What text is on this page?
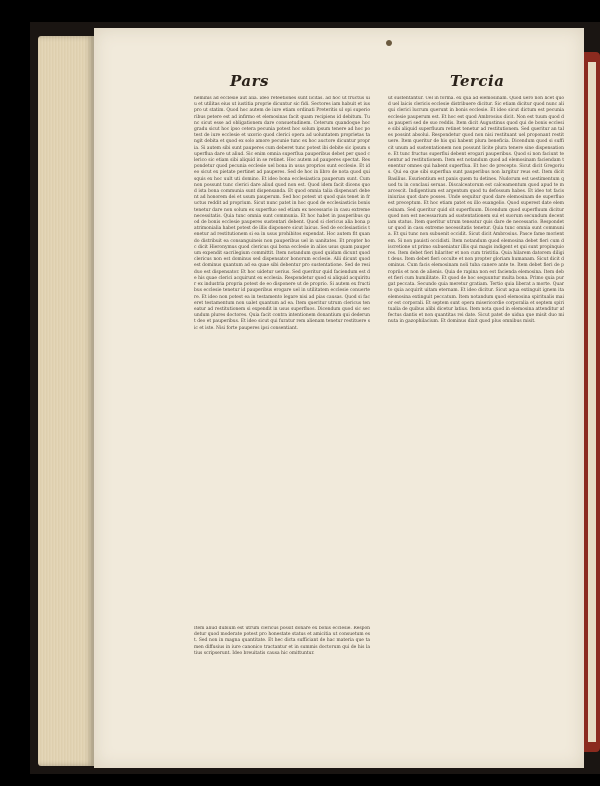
Pars	Tercia
neminis ad ecclesie aut alia. ideo reteetiones sunt licitas. ad hoc ut fructus uiu et utilitas eius ut iustitia proprie dicuntur sic fidi. Sectores iam habuit et ius pro ut statim. Quod hoc autem de iure etiam ordinati Preteritis ul opi superioribus petere est ad infirmo et elemosinas facit quam recipiens id debitum. Tunc sicut esse ad obligationem dare consuetudinem. Ceterum quandoque hoc gradu sicut hoc ipso cetera pecunia potest hoc solum ipsum tenere ad hoc potest de iure ecclesie et uxorio quod clerici opera ad uoluntatem proprietas tangit debita et quod ex solo amore pecunie tunc ex hoc auctore dicuntur propria. Si autem sibi sunt pauperes cum deberet tunc potest ibi debite sic ipsum superflua dare ut aliud. Sic enim omnia superflua pauperibus debet per quod clerico sic etiam sibi aliquid in se retinet. Hoc autem ad pauperes spectat. Respondetur quod pecunia ecclesie uel bona in usus proprios sunt ecclesie. Et ideo sicut ex pietate pertinet ad pauperes. Sed de hoc in libro de nota quod quisquis ex hoc uult uti domino. Et ideo bona ecclesiastica pauperum sunt. Cum non possunt tunc clerici dare aliud quod non est. Quod idem facit dicens quod ista bona communia sunt dispensanda. Et quod omnia talia dispensari debent ad honorem dei et usum pauperum. Sed hoc potest ut quod quis tenet in fructus reddit ad proprium. Sicut nunc patet in hoc quod de ecclesiasticis bonis tenetur dare non solum ex superfluo sed etiam ex necessario in casu extreme necessitatis. Quia tunc omnia sunt communia. Et hoc habet in pauperibus quod de bonis ecclesie pauperes sustentari debent. Quod si clericus alia bona patrimonialia habet potest de illis disponere sicut laicus. Sed de ecclesiasticis tenetur ad restitutionem si ea in usus prohibitos expendat. Hoc autem fit quando distribuit ea consanguineis non pauperibus uel in uanitates. Et propter hoc dicit Hieronymus quod clericus qui bona ecclesie in alios usus quam pauperum expendit sacrilegium committit. Item notandum quod quidam dicunt quod clericus non est dominus sed dispensator bonorum ecclesie. Alii dicunt quod est dominus quantum ad ea quae sibi debentur pro sustentatione. Sed de residuo est dispensator. Et hoc uidetur uerius. Sed queritur quid faciendum est de his quae clerici acquirunt ex ecclesia. Respondetur quod si aliquid acquiritur ex industria propria potest de eo disponere ut de proprio. Si autem ex fructibus ecclesie tenetur id pauperibus erogare uel in utilitatem ecclesie conuertere. Et ideo non potest ea in testamento legare nisi ad pias causas. Quod si faceret testamentum non ualet quantum ad ea. Item queritur utrum clericus teneatur ad restitutionem si expendit in usus superfluos. Dicendum quod sic secundum plures doctores. Quia facit contra intentionem donantium qui dederunt deo et pauperibus. Et ideo sicut qui furatur rem alienam tenetur restituere sic et iste. Nisi forte pauperes ipsi consentiant.
Item aliud dubium est utrum clericus possit donare ex bonis ecclesie. Respondetur quod moderate potest pro honestate status et amicitia ut consuetum est. Sed non in magna quantitate. Et hec dicta sufficiant de hac materia que tamen diffusius in iure canonico tractantur et in summis doctorum qui de his latius scripserunt. Ideo breuitatis causa hic omittuntur.
ut sustentantur. Uel in forma. ex qua ad elemosinam. Quod uero non licet quod uel laicis clericis ecclesie distribuere dicitur. Sic etiam dicitur quod nunc aliqui clerici lucrum querunt in bonis ecclesie. Et ideo sicut dictum est pecunia ecclesie pauperum est. Et hoc est quod Ambrosius dicit. Non est tuum quod das pauperi sed de suo reddis. Item dicit Augustinus quod qui de bonis ecclesie sibi aliquid superfluum retinet tenetur ad restitutionem. Sed queritur an tales possint absolui. Respondetur quod non nisi restituant uel proponant restituere. Item queritur de his qui habent plura beneficia. Dicendum quod si sufficit unum ad sustentationem non possunt licite plura tenere sine dispensatione. Et tunc fructus superflui debent erogari pauperibus. Quod si non faciunt tenentur ad restitutionem. Item est notandum quod ad elemosinam faciendam tenentur omnes qui habent superflua. Et hoc de precepto. Sicut dicit Gregorius. Qui ea que sibi superflua sunt pauperibus non largitur reus est. Item dicit Basilius. Esurientium est panis quem tu detines. Nudorum est uestimentum quod tu in conclaui seruas. Discalceatorum est calceamentum quod apud te marcescit. Indigentium est argentum quod tu defossum habes. Et ideo tot facis iniurias quot dare posses. Unde sequitur quod dare elemosinam de superfluo est preceptum. Et hoc etiam patet ex illo euangelio. Quod superest date elemosinam. Sed queritur quid sit superfluum. Dicendum quod superfluum dicitur quod non est necessarium ad sustentationem sui et suorum secundum decentiam status. Item queritur utrum teneatur quis dare de necessario. Respondetur quod in casu extreme necessitatis tenetur. Quia tunc omnia sunt communia. Et qui tunc non subuenit occidit. Sicut dicit Ambrosius. Pasce fame morientem. Si non pauisti occidisti. Item notandum quod elemosina debet fieri cum discretione ut primo subueniatur illis qui magis indigent et qui sunt propinquiores. Item debet fieri hilariter et non cum tristitia. Quia hilarem datorem diligit deus. Item debet fieri occulte et non propter gloriam humanam. Sicut dicit dominus. Cum facis elemosinam noli tuba canere ante te. Item debet fieri de propriis et non de alienis. Quia de rapina non est facienda elemosina. Item debet fieri cum humilitate. Et quod de hoc sequuntur multa bona. Primo quia purgat peccata. Secundo quia meretur gratiam. Tertio quia liberat a morte. Quarto quia acquirit uitam eternam. Et ideo dicitur. Sicut aqua extinguit ignem ita elemosina extinguit peccatum. Item notandum quod elemosina spiritualis maior est corporali. Et septem sunt opera misericordie corporalia et septem spiritualia de quibus alibi dicetur latius. Item nota quod in elemosina attenditur affectus dantis et non quantitas rei date. Sicut patet de uidua que misit duo minuta in gazophilacium. Et dominus dixit quod plus omnibus misit.
